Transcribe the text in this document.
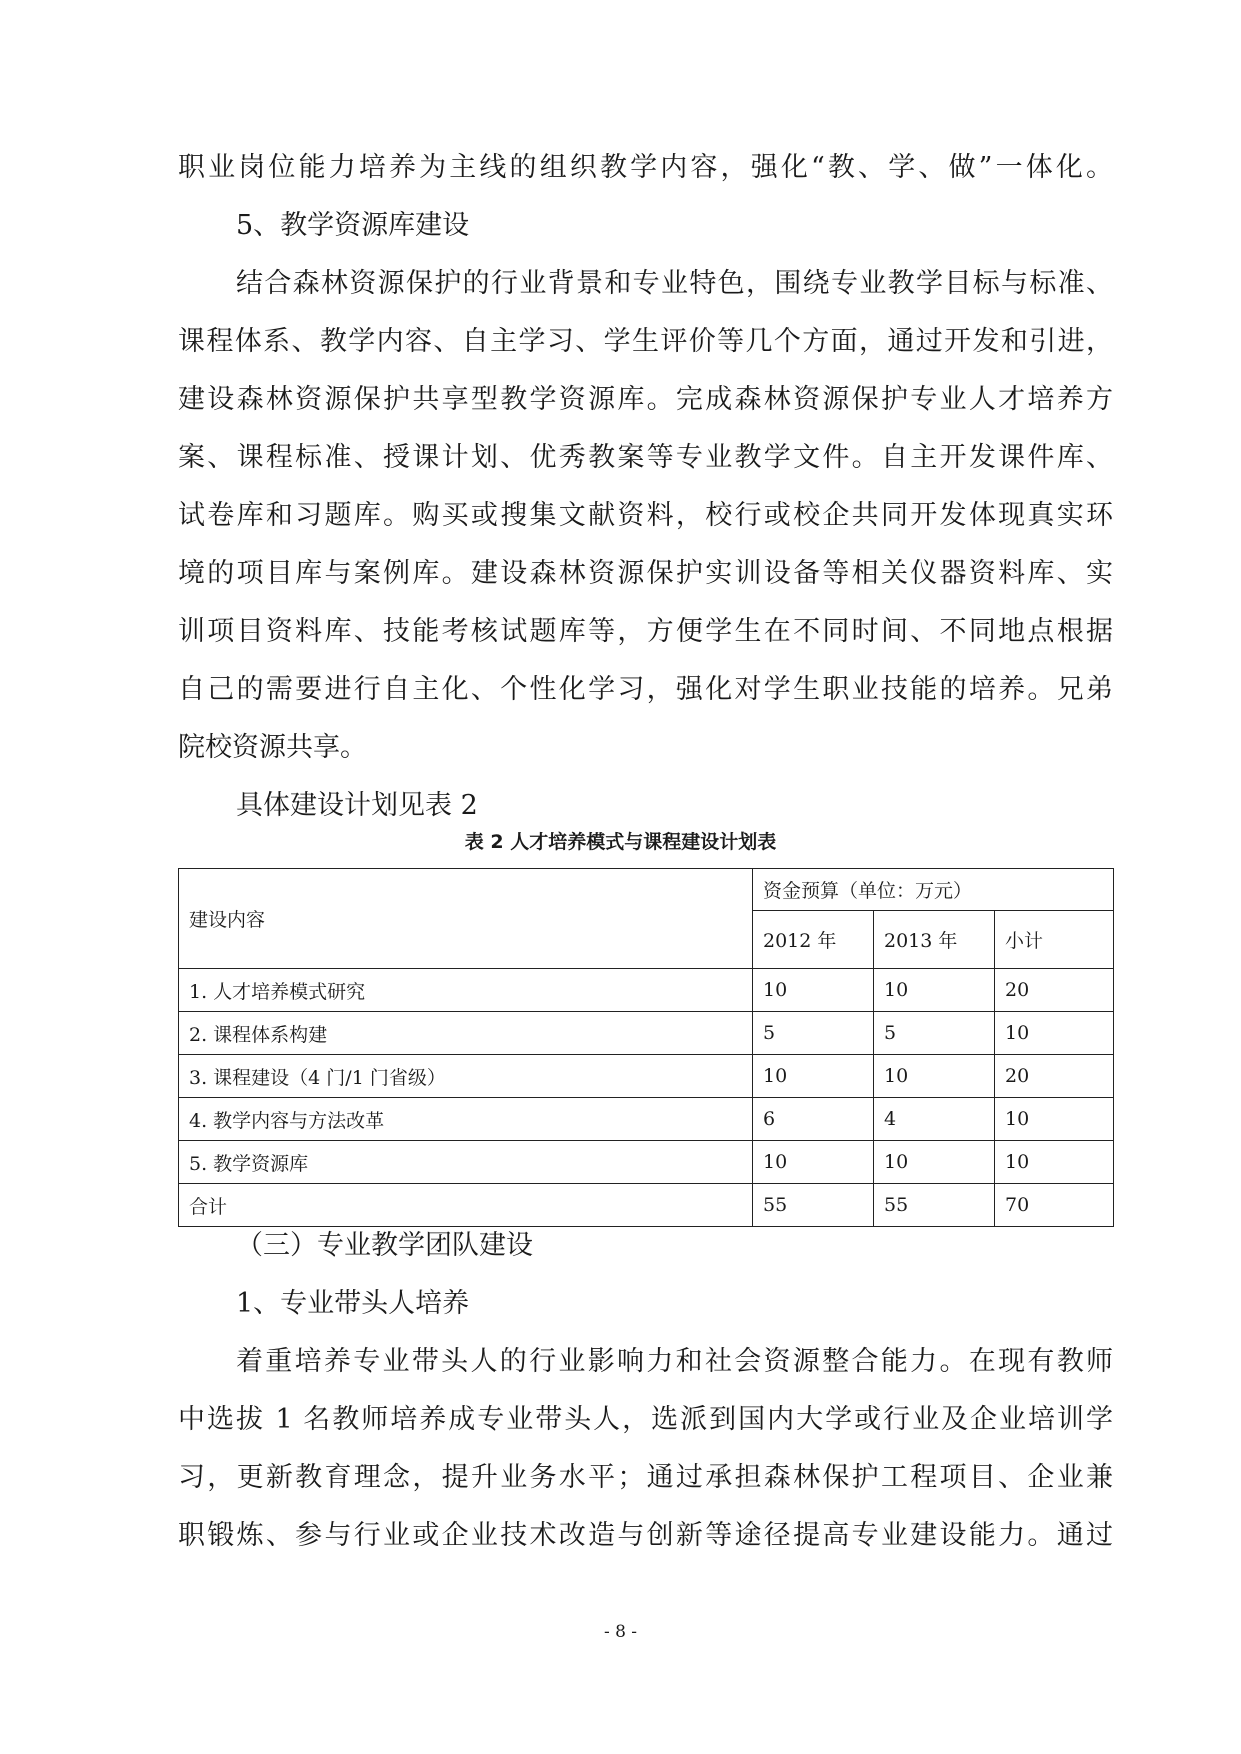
职业岗位能力培养为主线的组织教学内容，强化“教、学、做”一体化。
5、教学资源库建设
结合森林资源保护的行业背景和专业特色，围绕专业教学目标与标准、
课程体系、教学内容、自主学习、学生评价等几个方面，通过开发和引进，
建设森林资源保护共享型教学资源库。完成森林资源保护专业人才培养方
案、课程标准、授课计划、优秀教案等专业教学文件。自主开发课件库、
试卷库和习题库。购买或搜集文献资料，校行或校企共同开发体现真实环
境的项目库与案例库。建设森林资源保护实训设备等相关仪器资料库、实
训项目资料库、技能考核试题库等，方便学生在不同时间、不同地点根据
自己的需要进行自主化、个性化学习，强化对学生职业技能的培养。兄弟
院校资源共享。
具体建设计划见表 2
表 2 人才培养模式与课程建设计划表
建设内容	资金预算（单位：万元）		
	2012 年	2013 年	小计
1. 人才培养模式研究	10	10	20
2. 课程体系构建	5	5	10
3. 课程建设（4 门/1 门省级）	10	10	20
4. 教学内容与方法改革	6	4	10
5. 教学资源库	10	10	10
合计	55	55	70
（三）专业教学团队建设
1、专业带头人培养
着重培养专业带头人的行业影响力和社会资源整合能力。在现有教师
中选拔 1 名教师培养成专业带头人，选派到国内大学或行业及企业培训学
习，更新教育理念，提升业务水平；通过承担森林保护工程项目、企业兼
职锻炼、参与行业或企业技术改造与创新等途径提高专业建设能力。通过
- 8 -
